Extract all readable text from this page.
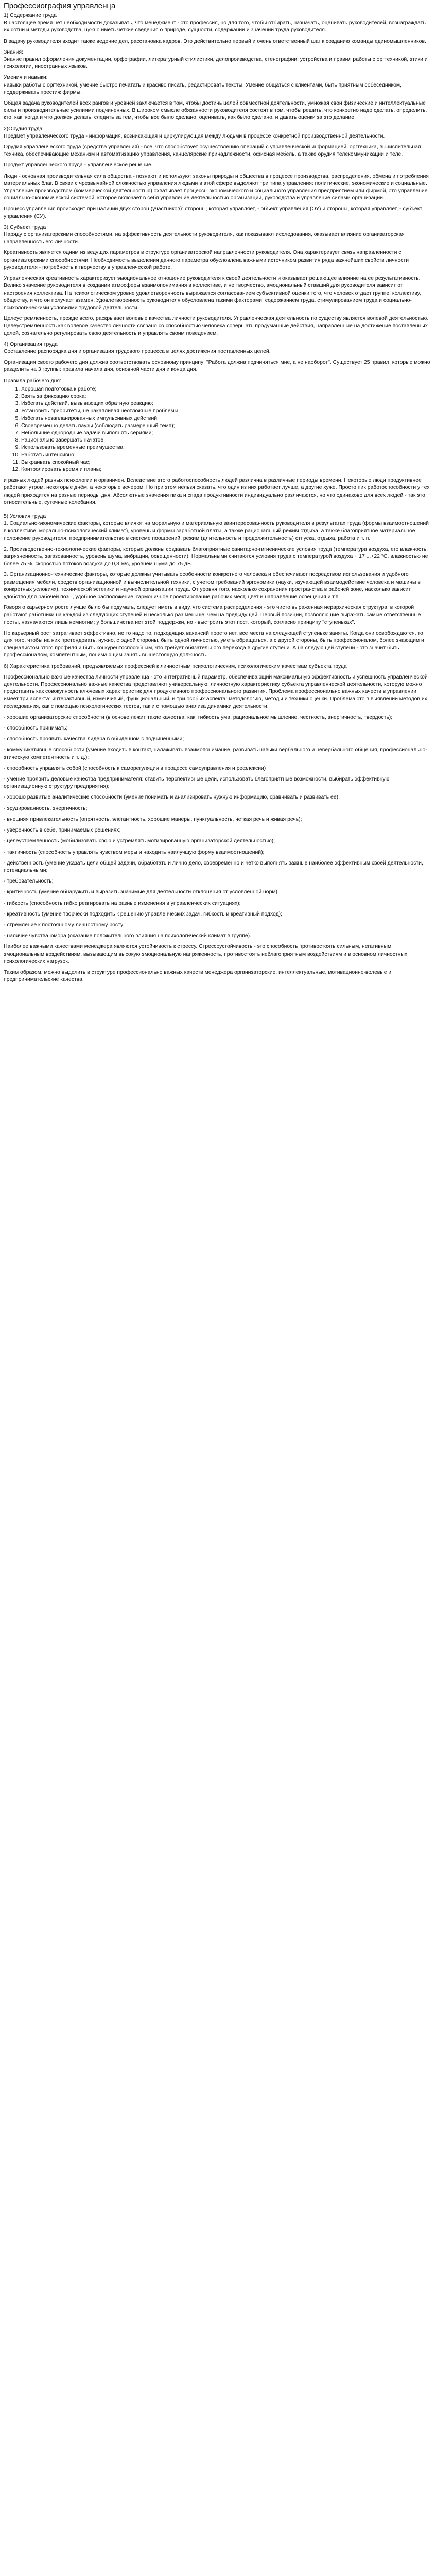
Профессиография управленца

1) Содержание труда

В настоящее время нет необходимости доказывать, что менеджмент - это профессия, но для того, чтобы отбирать, назначать, оценивать руководителей, вознаграждать их сотни и методы руководства, нужно иметь четкие сведения о природе, сущности, содержании и значении труда руководителя.

В задачу руководителя входит также ведение дел, расстановка кадров. Это действительно первый и очень ответственный шаг к созданию команды единомышленников.

Знания:

Знание правил оформления документации, орфографии, литературный стилистики, делопроизводства, стенографии, устройства и правил работы с оргтехникой, этики и психологии, иностранных языков.

Умения и навыки:

навыки работы с оргтехникой, умение быстро печатать и красиво писать, редактировать тексты. Умение общаться с клиентами, быть приятным собеседником, поддерживать престиж фирмы.

Общая задача руководителей всех рангов и уровней заключается в том, чтобы достичь целей совместной деятельности, умножая свои физические и интеллектуальные силы и производительные усилиями подчиненных. В широком смысле обязанности руководителя состоят в том, чтобы решить, что конкретно надо сделать, определить, кто, как, когда и что должен делать, следить за тем, чтобы все было сделано, оценивать, как было сделано, и давать оценки за это делание.

2)Орудия труда

Предмет управленческого труда - информация, возникающая и циркулирующая между людьми в процессе конкретной производственной деятельности.

Орудия управленческого труда (средства управления) - все, что способствует осуществлению операций с управленческой информацией: оргтехника, вычислительная техника, обеспечивающие механизм и автоматизацию управления, канцелярские принадлежности, офисная мебель, а также орудия телекоммуникации и теле.

Продукт управленческого труда - управленческое решение.

Люди - основная производительная сила общества - познают и используют законы природы и общества в процессе производства, распределения, обмена и потребления материальных благ. В связи с чрезвычайной сложностью управления людьми в этой сфере выделяют три типа управления: политические, экономические и социальные. Управление производством (коммерческой деятельностью) охватывает процессы экономического и социального управления предприятием или фирмой, это управление социально-экономической системой, которое включает в себя управление деятельностью организации, руководства и управление силами организации.

Процесс управления происходит при наличии двух сторон (участников): стороны, которая управляет, - объект управления (ОУ) и стороны, которая управляет, - субъект управления (СУ).

3) Субъект труда

Наряду с организаторскими способностями, на эффективность деятельности руководителя, как показывают исследования, оказывает влияние организаторская направленность его личности.

Креативность является одним из ведущих параметров в структуре организаторской направленности руководителя. Она характеризует связь направленности с организаторскими способностями. Необходимость выделения данного параметра обусловлена важными источником развития ряда важнейших свойств личности руководителя - потребность к творчеству в управленческой работе.

Управленческая креативность характеризует эмоциональное отношение руководителя к своей деятельности и оказывает решающее влияние на ее результативность. Велико значение руководителя в создании атмосферы взаимопонимания в коллективе, и не творчество, эмоциональный ставший для руководителя зависит от настроения коллектива. На психологическом уровне удовлетворенность выражается согласованием субъективной оценки того, что человек отдает группе, коллективу, обществу, и что он получает взамен. Удовлетворенность руководителя обусловлена такими факторами: содержанием труда, стимулированием труда и социально-психологическими условиями трудовой деятельности.

Целеустремленность, прежде всего, раскрывает волевые качества личности руководителя. Управленческая деятельность по существу является волевой деятельностью. Целеустремленность как волевое качество личности связано со способностью человека совершать продуманные действия, направленные на достижение поставленных целей, сознательно регулировать свою деятельность и управлять своим поведением.

4) Организация труда

Составление распорядка дня и организация трудового процесса в целях достижения поставленных целей.

Организация своего рабочего дня должна соответствовать основному принципу: "Работа должна подчиняться мне, а не наоборот". Существует 25 правил, которые можно разделить на 3 группы: правила начала дня, основной части дня и конца дня.

Правила рабочего дня:

1. Хорошая подготовка к работе;
2. Взять за фиксацию срока;
3. Избегать действий, вызывающих обратную реакцию;
4. Установить приоритеты, не накапливая неотложные проблемы;
5. Избегать незапланированных импульсивных действий;
6. Своевременно делать паузы (соблюдать размеренный темп);
7. Небольшие однородные задачи выполнять сериями;
8. Рационально завершать начатое
9. Использовать временные преимущества;
10. Работать интенсивно;
11. Выкраивать спокойный час;
12. Контролировать время и планы;

и разных людей разных психологии и органичен. Вследствие этого работоспособность людей различна в различные периоды времени. Некоторые люди продуктивнее работают утром, некоторые днём, а некоторые вечером. Но при этом нельзя сказать, что один из них работает лучше, а другие хуже. Просто пик работоспособности у тех людей приходится на разные периоды дня. Абсолютные значения пика и спада продуктивности индивидуально различаются, но что одинаково для всех людей - так это относительные, суточные колебания.

5) Условия труда

1. Социально-экономические факторы, которые влияют на моральную и материальную заинтересованность руководителя в результатах труда (формы взаимоотношений в коллективе, морально-психологический климат), уровень и формы заработной платы, а также рациональный режим отдыха, а также благоприятное материальное положение руководителя, предпринимательство в системе поощрений, режим (длительность и продолжительность) отпуска, отдыха, работа и т. п.

2. Производственно-технологические факторы, которые должны создавать благоприятные санитарно-гигиенические условия труда (температура воздуха, его влажность, загрязненность, загазованность, уровень шума, вибрации, освещенности). Нормальными считаются условия труда с температурой воздуха + 17 ...+22 °С, влажностью не более 75 %, скоростью потоков воздуха до 0,3 м/с, уровнем шума до 75 дБ.

3. Организационно-технические факторы, которые должны учитывать особенности конкретного человека и обеспечивают посредством использования и удобного размещения мебели, средств организационной и вычислительной техники, с учетом требований эргономики (науки, изучающей взаимодействие человека и машины в конкретных условиях), технической эстетики и научной организации труда. От уровня того, насколько сохранения пространства в рабочей зоне, насколько зависит удобство для рабочей позы, удобное расположение, гармоничное проектирование рабочих мест, цвет и направление освещения и т.п.

Говоря о карьерном росте лучше было бы подумать, следует иметь в виду, что система распределения - это чисто выраженная иерархическая структура, в которой работают работники на каждой из следующих ступеней и несколько раз меньше, чем на предыдущей. Первый позиции, позволяющие выражать самые ответственные посты, назначаются лишь немногим; у большинства нет этой поддержки, но - выстроить этот пост, который, согласно принципу "ступеньках".

Но карьерный рост затрагивает эффективно, не то надо то, подходящих вакансий просто нет, все места на следующей ступеньке заняты. Когда они освобождаются, то для того, чтобы на них претендовать, нужно, с одной стороны, быть одной личностью, уметь обращаться, а с другой стороны, быть профессионалом, более знающим и специалистом этого профиля и быть конкурентоспособным, что требует обязательного перехода в другие ступени. А на следующей ступени - это значит быть профессионалом, компетентным, понимающим занять вышестоящую должность.

6) Характеристика требований, предъявляемых профессией к личностным психологическим, психологическим качествам субъекта труда

Профессионально важные качества личности управленца - это интегративный параметр, обеспечивающий максимальную эффективность и успешность управленческой деятельности. Профессионально важные качества представляют универсальную, личностную характеристику субъекта управленческой деятельности, которую можно представить как совокупность ключевых характеристик для продуктивного профессионального развития. Проблема профессионально важных качеств в управлении имеет три аспекта: интерактивный, изменчивый, функциональный, и три особых аспекта: методологию, методы и техники оценки. Проблема это в выявлении методов их исследования, как с помощью психологических тестов, так и с помощью анализа динамики деятельности.

- хорошие организаторские способности (в основе лежит такие качества, как: гибкость ума, рациональное мышление, честность, энергичность, твердость);

- способность принимать;

- способность проявить качества лидера в обыденном с подчиненными;

- коммуникативные способности (умение входить в контакт, налаживать взаимопонимание, развивать навыки вербального и невербального общения, профессионально-этическую компетентность и т. д.);

- способность управлять собой (способность к саморегуляции в процессе самоуправления и рефлексии)

- умение проявить деловые качества предпринимателя: ставить перспективные цели, использовать благоприятные возможности, выбирать эффективную организационную структуру предприятия);

- хорошо развитые аналитические способности (умение понимать и анализировать нужную информацию, сравнивать и развивать ее);

- эрудированность, энергичность;

- внешняя привлекательность (опрятность, элегантность, хорошие манеры, пунктуальность, четкая речь и живая речь);

- уверенность в себе, принимаемых решениях;

- целеустремленность (мобилизовать свою и устремлять мотивированную организаторской деятельностью);

- тактичность (способность управлять чувством меры и находить наилучшую форму взаимоотношений);

- действенность (умение указать цели общей задачи, обработать и лично дело, своевременно и четко выполнять важные наиболее эффективным своей деятельности, потенциальными;

- требовательность;

- критичность (умение обнаружить и выразить значимые для деятельности отклонения от условленной норм);

- гибкость (способность гибко реагировать на разные изменения в управленческих ситуациях);

- креативность (умение творчески подходить к решению управленческих задач, гибкость и креативный подход);

- стремление к постоянному личностному росту;

- наличие чувства юмора (оказание положительного влияния на психологический климат в группе).

Наиболее важными качествами менеджера являются устойчивость к стрессу. Стрессоустойчивость - это способность противостоять сильным, негативным эмоциональным воздействиям, вызывающим высокую эмоциональную напряженность, противостоять неблагоприятным воздействиям и в основном личностных психологических нагрузок.

Таким образом, можно выделить в структуре профессионально важных качеств менеджера организаторские, интеллектуальные, мотивационно-волевые и предпринимательские качества.
